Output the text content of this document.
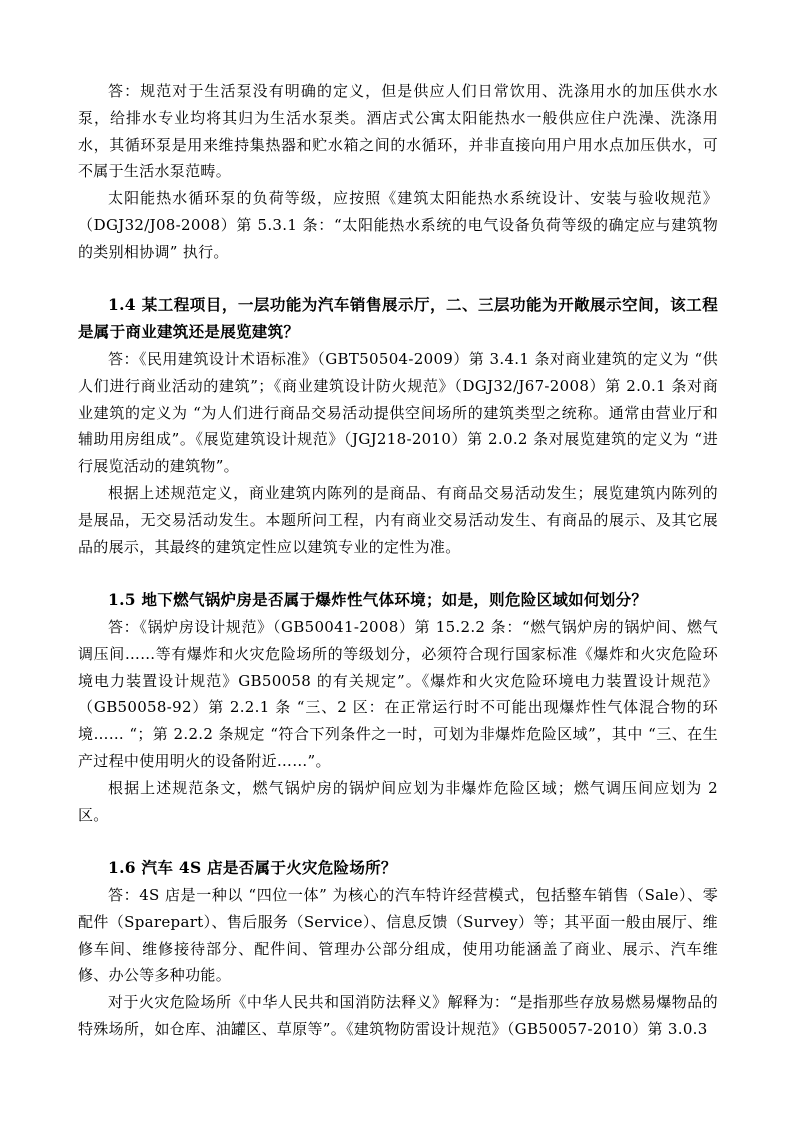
答：规范对于生活泵没有明确的定义，但是供应人们日常饮用、洗涤用水的加压供水水泵，给排水专业均将其归为生活水泵类。酒店式公寓太阳能热水一般供应住户洗澡、洗涤用水，其循环泵是用来维持集热器和贮水箱之间的水循环，并非直接向用户用水点加压供水，可不属于生活水泵范畴。

太阳能热水循环泵的负荷等级，应按照《建筑太阳能热水系统设计、安装与验收规范》（DGJ32/J08-2008）第 5.3.1 条：“太阳能热水系统的电气设备负荷等级的确定应与建筑物的类别相协调” 执行。

1.4 某工程项目，一层功能为汽车销售展示厅，二、三层功能为开敞展示空间，该工程是属于商业建筑还是展览建筑？

答：《民用建筑设计术语标准》（GBT50504-2009）第 3.4.1 条对商业建筑的定义为 “供人们进行商业活动的建筑”；《商业建筑设计防火规范》（DGJ32/J67-2008）第 2.0.1 条对商业建筑的定义为 “为人们进行商品交易活动提供空间场所的建筑类型之统称。通常由营业厅和辅助用房组成”。《展览建筑设计规范》（JGJ218-2010）第 2.0.2 条对展览建筑的定义为 “进行展览活动的建筑物”。

根据上述规范定义，商业建筑内陈列的是商品、有商品交易活动发生；展览建筑内陈列的是展品，无交易活动发生。本题所问工程，内有商业交易活动发生、有商品的展示、及其它展品的展示，其最终的建筑定性应以建筑专业的定性为准。

1.5 地下燃气锅炉房是否属于爆炸性气体环境；如是，则危险区域如何划分？

答：《锅炉房设计规范》（GB50041-2008）第 15.2.2 条：“燃气锅炉房的锅炉间、燃气调压间……等有爆炸和火灾危险场所的等级划分，必须符合现行国家标准《爆炸和火灾危险环境电力装置设计规范》GB50058 的有关规定”。《爆炸和火灾危险环境电力装置设计规范》（GB50058-92）第 2.2.1 条 “三、2 区：在正常运行时不可能出现爆炸性气体混合物的环境…… “；第 2.2.2 条规定 “符合下列条件之一时，可划为非爆炸危险区域”，其中 “三、在生产过程中使用明火的设备附近……”。

根据上述规范条文，燃气锅炉房的锅炉间应划为非爆炸危险区域；燃气调压间应划为 2 区。

1.6 汽车 4S 店是否属于火灾危险场所？

答：4S 店是一种以 “四位一体” 为核心的汽车特许经营模式，包括整车销售（Sale）、零配件（Sparepart）、售后服务（Service）、信息反馈（Survey）等；其平面一般由展厅、维修车间、维修接待部分、配件间、管理办公部分组成，使用功能涵盖了商业、展示、汽车维修、办公等多种功能。

对于火灾危险场所《中华人民共和国消防法释义》解释为：“是指那些存放易燃易爆物品的特殊场所，如仓库、油罐区、草原等”。《建筑物防雷设计规范》（GB50057-2010）第 3.0.3
